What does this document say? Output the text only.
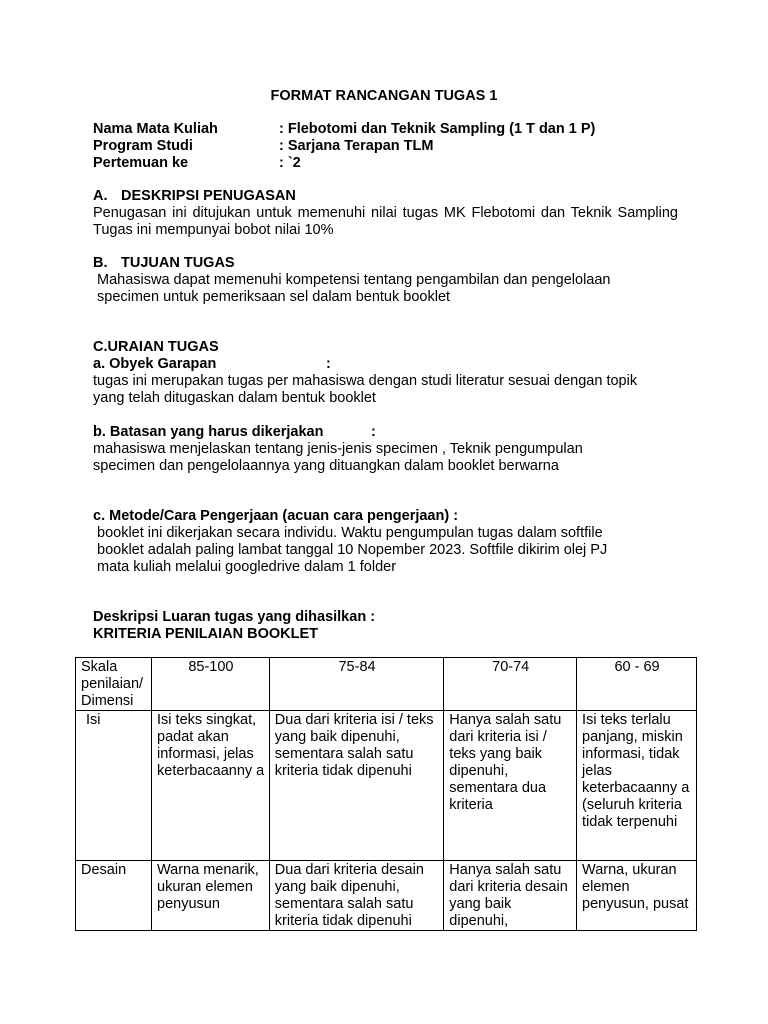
FORMAT RANCANGAN TUGAS 1
Nama Mata Kuliah	: Flebotomi dan Teknik Sampling (1 T dan 1 P)
Program Studi	: Sarjana Terapan TLM
Pertemuan ke	: `2
A. DESKRIPSI PENUGASAN
Penugasan ini ditujukan untuk memenuhi nilai tugas MK Flebotomi dan Teknik Sampling Tugas ini mempunyai bobot nilai 10%
B. TUJUAN TUGAS
Mahasiswa dapat memenuhi kompetensi tentang pengambilan dan pengelolaan
specimen untuk pemeriksaan sel dalam bentuk booklet
C.URAIAN TUGAS
a. Obyek Garapan	:
tugas ini merupakan tugas per mahasiswa dengan studi literatur sesuai dengan topik
yang telah ditugaskan dalam bentuk booklet
b. Batasan yang harus dikerjakan	:
mahasiswa menjelaskan tentang jenis-jenis specimen , Teknik pengumpulan
specimen dan pengelolaannya yang dituangkan dalam booklet berwarna
c. Metode/Cara Pengerjaan (acuan cara pengerjaan) :
booklet ini dikerjakan secara individu. Waktu pengumpulan tugas dalam softfile
booklet adalah paling lambat tanggal 10 Nopember 2023. Softfile dikirim olej PJ
mata kuliah melalui googledrive dalam 1 folder
Deskripsi Luaran tugas yang dihasilkan :
KRITERIA PENILAIAN BOOKLET
Skala penilaian/ Dimensi	85-100	75-84	70-74	60 - 69
Isi	Isi teks singkat, padat akan informasi, jelas keterbacaanny a	Dua dari kriteria isi / teks yang baik dipenuhi, sementara salah satu kriteria tidak dipenuhi	Hanya salah satu dari kriteria isi / teks yang baik dipenuhi, sementara dua kriteria	Isi teks terlalu panjang, miskin informasi, tidak jelas keterbacaanny a (seluruh kriteria tidak terpenuhi
Desain	Warna menarik, ukuran elemen penyusun	Dua dari kriteria desain yang baik dipenuhi, sementara salah satu kriteria tidak dipenuhi	Hanya salah satu dari kriteria desain yang baik dipenuhi,	Warna, ukuran elemen penyusun, pusat
